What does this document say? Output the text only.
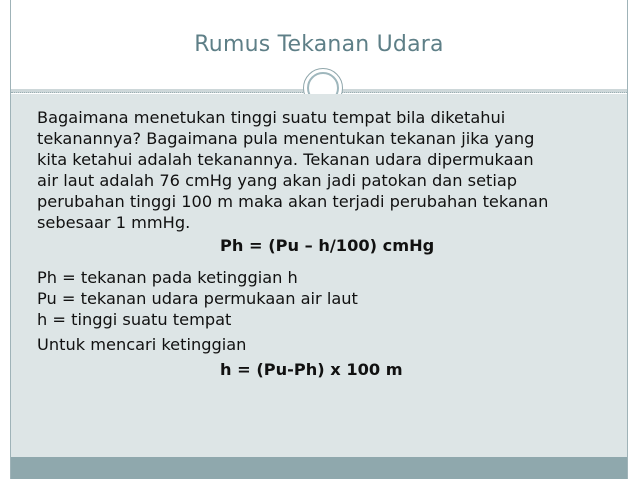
Rumus Tekanan Udara

Bagaimana menetukan tinggi suatu tempat bila diketahui
tekanannya? Bagaimana pula menentukan tekanan jika yang
kita ketahui adalah tekanannya. Tekanan udara dipermukaan
air laut adalah 76 cmHg yang akan jadi patokan dan setiap
perubahan tinggi 100 m maka akan terjadi perubahan tekanan
sebesaar 1 mmHg.

Ph = (Pu – h/100) cmHg

Ph = tekanan pada ketinggian h

Pu = tekanan udara permukaan air laut

h = tinggi suatu tempat

Untuk mencari ketinggian

h = (Pu-Ph) x 100 m
